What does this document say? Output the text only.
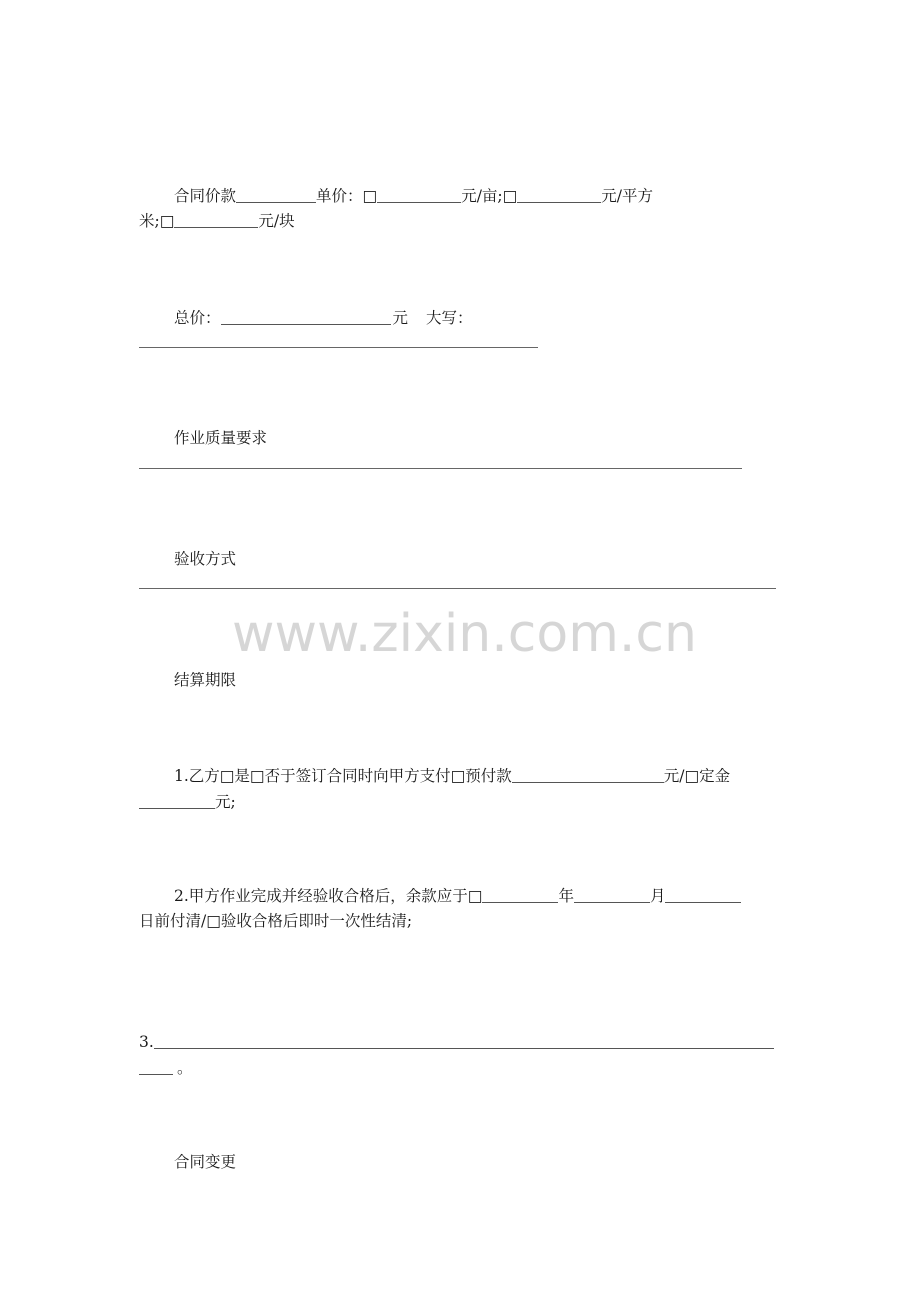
www.zixin.com.cn
合同价款	单价：□	元/亩;□	元/平方
米;□	元/块
总价：	元 大写：
作业质量要求
验收方式
结算期限
1.乙方□是□否于签订合同时向甲方支付□预付款	元/□定金
元;
2.甲方作业完成并经验收合格后，余款应于□	年	月
日前付清/□验收合格后即时一次性结清;
3.
。
合同变更
